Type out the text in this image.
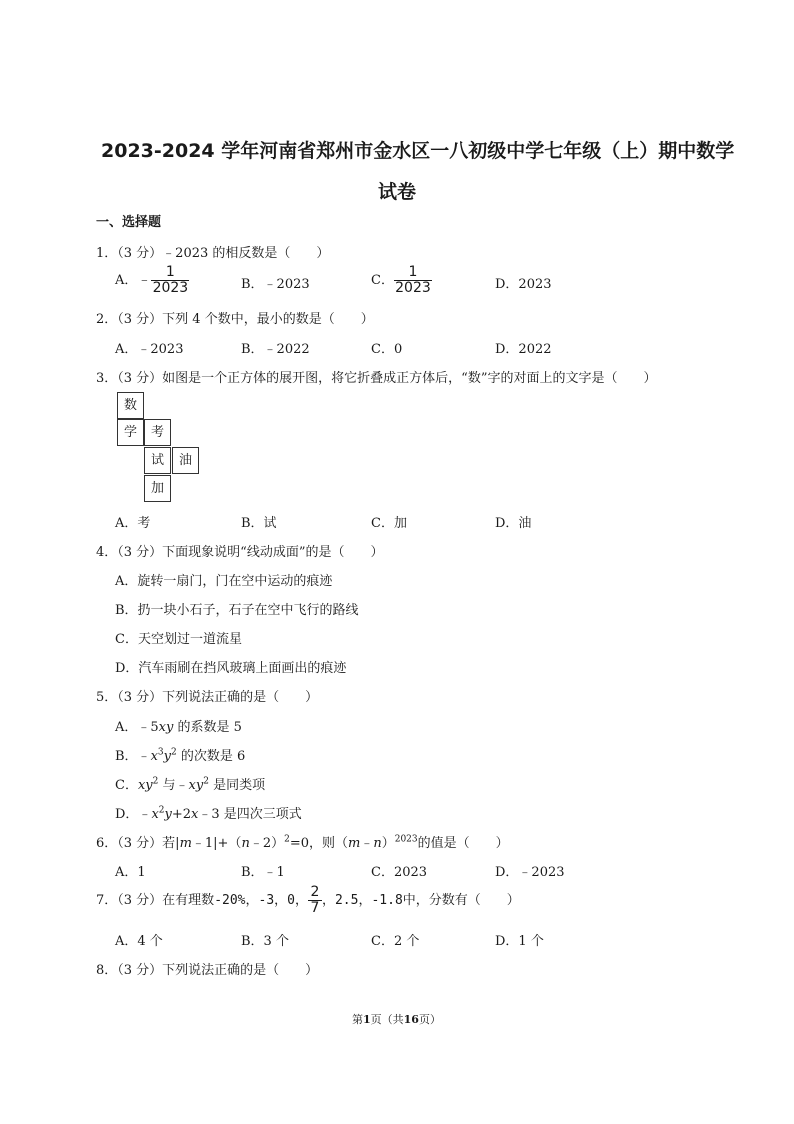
2023-2024 学年河南省郑州市金水区一八初级中学七年级（上）期中数学
试卷
一、选择题
1．（3 分）﹣2023 的相反数是（　　）
A．﹣ $\frac{1}{2023}$	B．﹣2023	C． $\frac{1}{2023}$	D．2023
2．（3 分）下列 4 个数中，最小的数是（　　）
A．﹣2023	B．﹣2022	C．0	D．2022
3．（3 分）如图是一个正方体的展开图，将它折叠成正方体后，“数”字的对面上的文字是（　　）
数
学	考
试	油
加
A．考	B．试	C．加	D．油
4．（3 分）下面现象说明“线动成面”的是（　　）
A．旋转一扇门，门在空中运动的痕迹
B．扔一块小石子，石子在空中飞行的路线
C．天空划过一道流星
D．汽车雨刷在挡风玻璃上面画出的痕迹
5．（3 分）下列说法正确的是（　　）
A．﹣5xy 的系数是 5
B．$﹣x^3y^2$ 的次数是 6
C．$xy^2$ 与$﹣xy^2$ 是同类项
D．$﹣x^2y+2x﹣3$ 是四次三项式
6．（3 分）若|m﹣1|+（n﹣2）$^2$=0，则（m﹣n）$^{2023}$的值是（　　）
A．1	B．﹣1	C．2023	D．﹣2023
7．（3 分）在有理数-20%，-3，0， $\frac{2}{7}$ ，2.5，-1.8中，分数有（　　）
A．4 个	B．3 个	C．2 个	D．1 个
8．（3 分）下列说法正确的是（　　）
第1页（共16页）
